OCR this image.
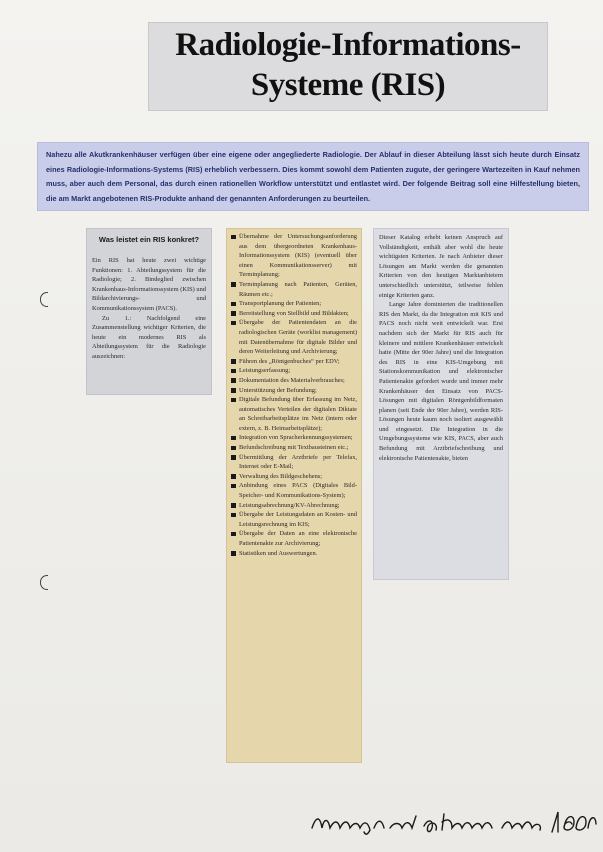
Radiologie-Informations-
Systeme (RIS)
Nahezu alle Akutkrankenhäuser verfügen über eine eigene oder angegliederte Radiologie. Der Ablauf in dieser Abteilung lässt sich heute durch Einsatz eines Radiologie-Informations-Systems (RIS) erheblich verbessern. Dies kommt sowohl dem Patienten zugute, der geringere Wartezeiten in Kauf nehmen muss, aber auch dem Personal, das durch einen rationellen Workflow unterstützt und entlastet wird. Der folgende Beitrag soll eine Hilfestellung bieten, die am Markt angebotenen RIS-Produkte anhand der genannten Anforderungen zu beurteilen.
Was leistet ein RIS konkret?

Ein RIS hat heute zwei wichtige Funktionen: 1. Abteilungssystem für die Radiologie; 2. Bindeglied zwischen Krankenhaus-Informationssystem (KIS) und Bildarchivierungs- und Kommunikationssystem (PACS).

Zu 1.: Nachfolgend eine Zusammenstellung wichtiger Kriterien, die heute ein modernes RIS als Abteilungssystem für die Radiologie auszeichnen:

Übernahme der Untersuchungsanforderung aus dem übergeordneten Krankenhaus-Informationssystem (KIS) (eventuell über einen Kommunikationsserver) mit Terminplanung;
Terminplanung nach Patienten, Geräten, Räumen etc.;
Transportplanung der Patienten;
Bereitstellung von Stellbild und Bildakten;
Übergabe der Patientendaten an die radiologischen Geräte (worklist management) mit Datenübernahme für digitale Bilder und deren Weiterleitung und Archivierung;
Führen des „Röntgenbuches“ per EDV;
Leistungserfassung;
Dokumentation des Materialverbrauches;
Unterstützung der Befundung;
Digitale Befundung über Erfassung im Netz, automatisches Verteilen der digitalen Diktate an Schreibarbeitsplätze im Netz (intern oder extern, z. B. Heimarbeitsplätze);
Integration von Spracherkennungssystemen;
Befundschreibung mit Textbausteinen etc.;
Übermittlung der Arztbriefe per Telefax, Internet oder E-Mail;
Verwaltung des Bildgeschehens;
Anbindung eines PACS (Digitales Bild-Speicher- und Kommunikations-System);
Leistungsabrechnung/KV-Abrechnung;
Übergabe der Leistungsdaten an Kosten- und Leistungsrechnung im KIS;
Übergabe der Daten an eine elektronische Patientenakte zur Archivierung;
Statistiken und Auswertungen.

Dieser Katalog erhebt keinen Anspruch auf Vollständigkeit, enthält aber wohl die heute wichtigsten Kriterien. Je nach Anbieter dieser Lösungen am Markt werden die genannten Kriterien von den heutigen Marktanbietern unterschiedlich unterstützt, teilweise fehlen einige Kriterien ganz.

Lange Jahre dominierten die traditionellen RIS den Markt, da die Integration mit KIS und PACS noch nicht weit entwickelt war. Erst nachdem sich der Markt für RIS auch für kleinere und mittlere Krankenhäuser entwickelt hatte (Mitte der 90er Jahre) und die Integration des RIS in eine KIS-Umgebung mit Stationskommunikation und elektronischer Patientenakte gefordert wurde und immer mehr Krankenhäuser den Einsatz von PACS-Lösungen mit digitalen Röntgenbildformaten planen (seit Ende der 90er Jahre), werden RIS-Lösungen heute kaum noch isoliert ausgewählt und eingesetzt. Die Integration in die Umgebungssysteme wie KIS, PACS, aber auch Befundung mit Arztbriefschreibung und elektronische Patientenakte, bieten
